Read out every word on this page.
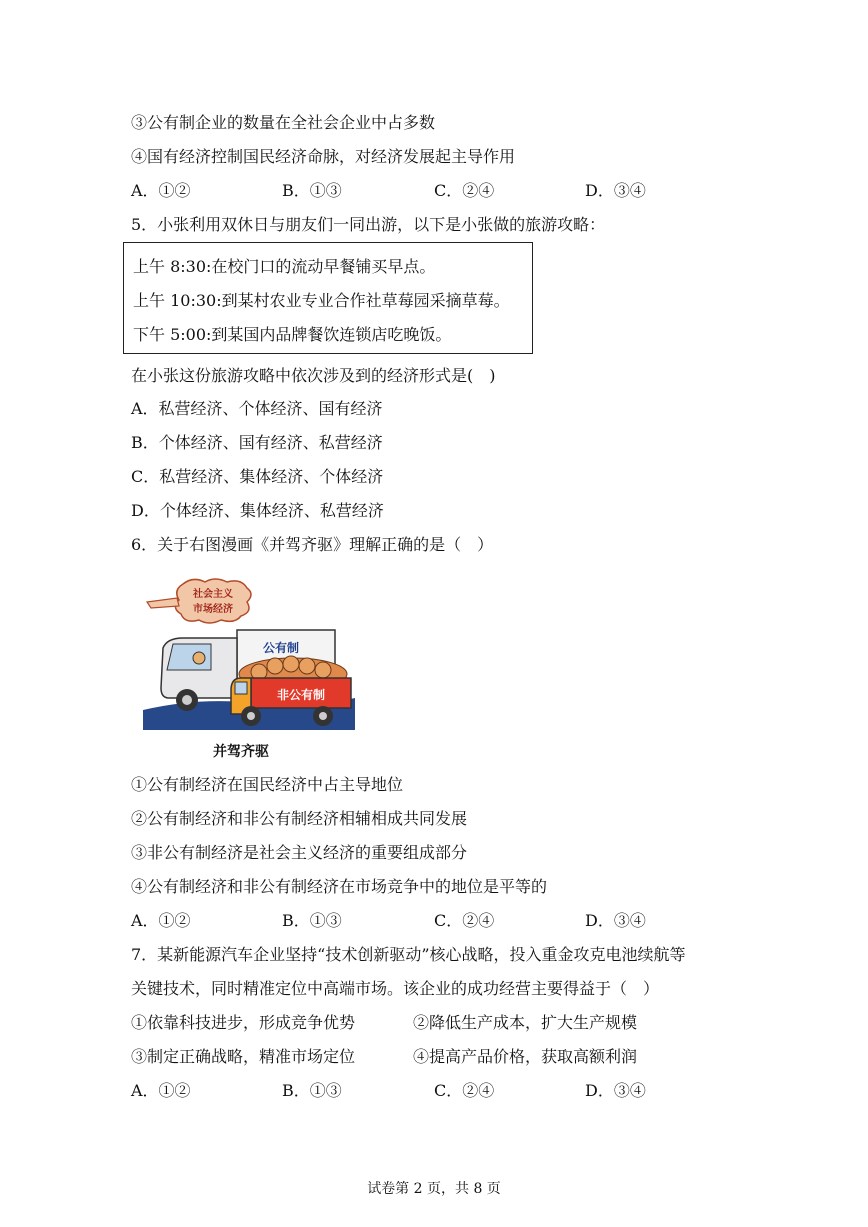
③公有制企业的数量在全社会企业中占多数
④国有经济控制国民经济命脉，对经济发展起主导作用
A．①②	B．①③	C．②④	D．③④
5．小张利用双休日与朋友们一同出游，以下是小张做的旅游攻略：
上午 8:30:在校门口的流动早餐铺买早点。
上午 10:30:到某村农业专业合作社草莓园采摘草莓。
下午 5:00:到某国内品牌餐饮连锁店吃晚饭。
在小张这份旅游攻略中依次涉及到的经济形式是(　)
A．私营经济、个体经济、国有经济
B．个体经济、国有经济、私营经济
C．私营经济、集体经济、个体经济
D．个体经济、集体经济、私营经济
6．关于右图漫画《并驾齐驱》理解正确的是（　）
社会主义
市场经济
公有制
非公有制
并驾齐驱
①公有制经济在国民经济中占主导地位
②公有制经济和非公有制经济相辅相成共同发展
③非公有制经济是社会主义经济的重要组成部分
④公有制经济和非公有制经济在市场竞争中的地位是平等的
A．①②	B．①③	C．②④	D．③④
7．某新能源汽车企业坚持“技术创新驱动”核心战略，投入重金攻克电池续航等
关键技术，同时精准定位中高端市场。该企业的成功经营主要得益于（　）
①依靠科技进步，形成竞争优势	②降低生产成本，扩大生产规模
③制定正确战略，精准市场定位	④提高产品价格，获取高额利润
A．①②	B．①③	C．②④	D．③④
试卷第 2 页，共 8 页
